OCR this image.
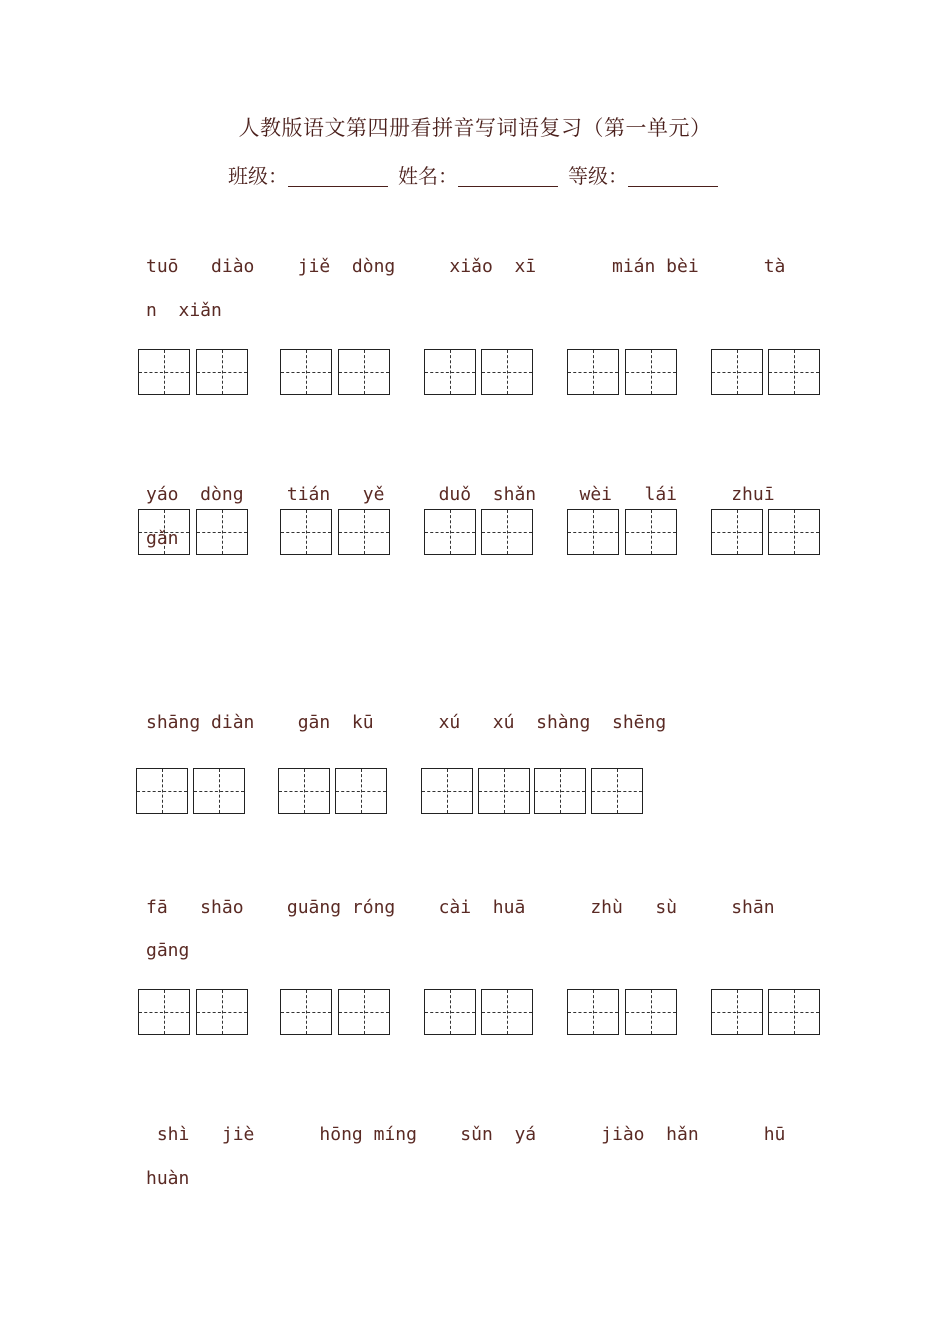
人教版语文第四册看拼音写词语复习（第一单元）
班级：	姓名：	等级：
tuō   diào    jiě  dòng     xiǎo  xī       mián bèi      tà
n  xiǎn
yáo  dòng    tián   yě     duǒ  shǎn    wèi   lái     zhuī
gǎn
shāng diàn    gān  kū      xú   xú  shàng  shēng
fā   shāo    guāng róng    cài  huā      zhù   sù     shān
gāng
shì   jiè      hōng míng    sǔn  yá      jiào  hǎn      hū
huàn
